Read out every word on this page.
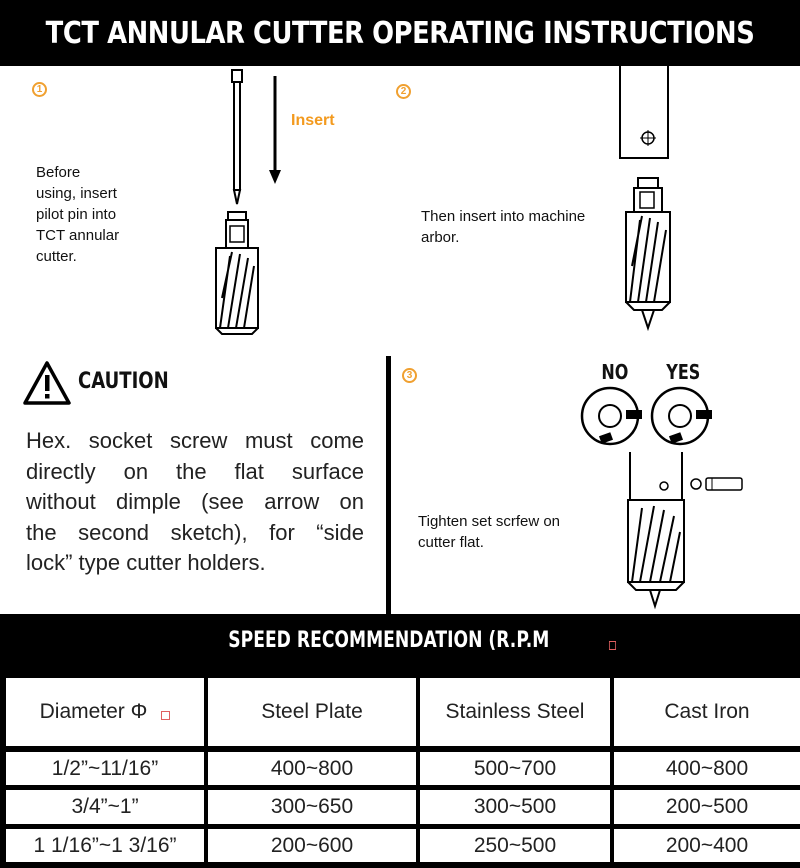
TCT ANNULAR CUTTER OPERATING INSTRUCTIONS
1
Before
using, insert
pilot pin into
TCT annular
cutter.
Insert
2
Then insert into machine
arbor.
CAUTION
Hex. socket screw must come
directly on the flat surface
without dimple (see arrow on
the second sketch), for “side
lock” type cutter holders.
3	NO YES
Tighten set scrfew on
cutter flat.
SPEED RECOMMENDATION (R.P.M
Diameter Φ	Steel Plate	Stainless Steel	Cast Iron
1/2”~11/16”	400~800	500~700	400~800
3/4”~1”	300~650	300~500	200~500
1 1/16”~1 3/16”	200~600	250~500	200~400
